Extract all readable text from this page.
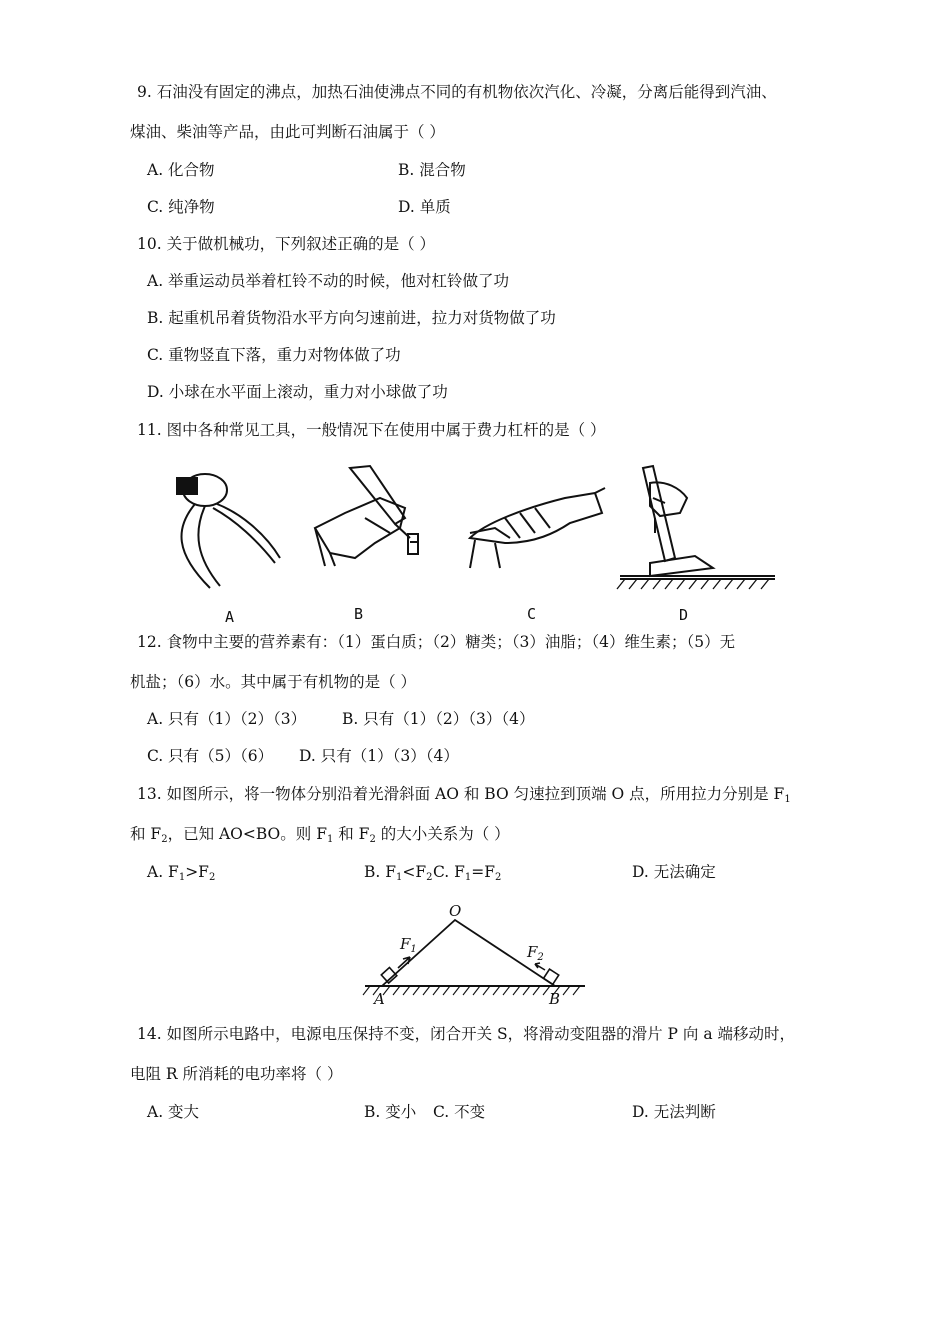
9. 石油没有固定的沸点，加热石油使沸点不同的有机物依次汽化、冷凝，分离后能得到汽油、
煤油、柴油等产品，由此可判断石油属于（ ）
A. 化合物	B. 混合物
C. 纯净物	D. 单质
10. 关于做机械功，下列叙述正确的是（ ）
A. 举重运动员举着杠铃不动的时候，他对杠铃做了功
B. 起重机吊着货物沿水平方向匀速前进，拉力对货物做了功
C. 重物竖直下落，重力对物体做了功
D. 小球在水平面上滚动，重力对小球做了功
11. 图中各种常见工具，一般情况下在使用中属于费力杠杆的是（ ）
A	B	C	D
12. 食物中主要的营养素有：（1）蛋白质；（2）糖类；（3）油脂；（4）维生素；（5）无
机盐；（6）水。其中属于有机物的是（ ）
A. 只有（1）（2）（3） B. 只有（1）（2）（3）（4）
C. 只有（5）（6） D. 只有（1）（3）（4）
13. 如图所示，将一物体分别沿着光滑斜面 AO 和 BO 匀速拉到顶端 O 点，所用拉力分别是 $F_1$
和 $F_2$，已知 AO<BO。则 $F_1$ 和 $F_2$ 的大小关系为（ ）
A. $F_1>F_2$	B. $F_1<F_2$ C. $F_1=F_2$	D. 无法确定
O
A	B
$F_1$	$F_2$
14. 如图所示电路中，电源电压保持不变，闭合开关 S，将滑动变阻器的滑片 P 向 a 端移动时，
电阻 R 所消耗的电功率将（ ）
A. 变大	B. 变小 C. 不变	D. 无法判断
